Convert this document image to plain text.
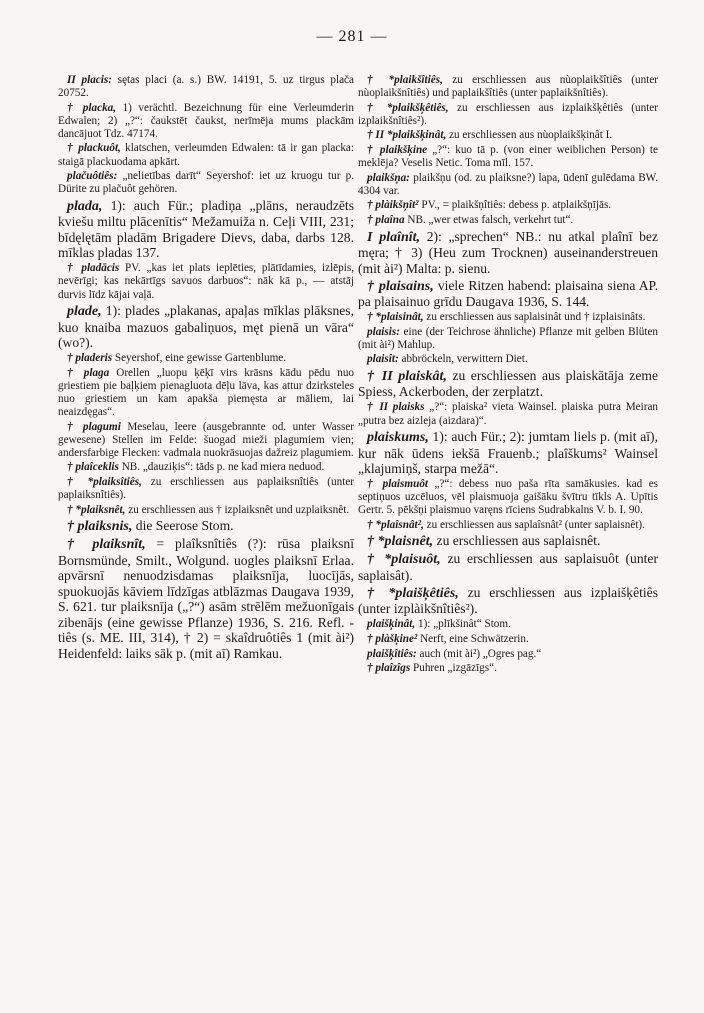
— 281 —

II placis: sȩtas placi (a. s.) BW. 14191, 5. uz tirgus plača 20752.

† placka, 1) verächtl. Bezeichnung für eine Verleumderin Edwalen; 2) „?“: čaukstēt čaukst, nerīmēja mums plackām dancājuot Tdz. 47174.

† plackuôt, klatschen, verleumden Edwalen: tā ir gan placka: staigā plackuodama apkārt.

plačuôtiês: „nelietības darīt“ Seyershof: iet uz kruogu tur p. Dürite zu plačuôt gehören.

plada, 1): auch Für.; pladiņa „plāns, neraudzēts kviešu miltu plācenītis“ Mežamuiža n. Ceļi VIII, 231; bīdęlętām pladām Brigadere Dievs, daba, darbs 128. mīklas pladas 137.

† pladācis PV. „kas iet plats ieplēties, plātīdamies, izlēpis, nevērīgi; kas nekārtīgs savuos darbuos“: nāk kā p., — atstāj durvis līdz kājai vaļā.

plade, 1): plades „plakanas, apaļas mīklas plāksnes, kuo knaiba mazuos gabaliņuos, męt pienā un vāra“ (wo?).

† pladeris Seyershof, eine gewisse Gartenblume.

† plaga Orellen „luopu ķēķī virs krāsns kādu pēdu nuo griestiem pie baļķiem pienagluota dēļu lāva, kas attur dzirksteles nuo griestiem un kam apakša piemęsta ar māliem, lai neaizdęgas“.

† plagumi Meselau, leere (ausgebrannte od. unter Wasser gewesene) Stellen im Felde: šuogad mieži plagumiem vien; andersfarbige Flecken: vadmala nuokrāsuojas dažreiz plagumiem.

† plaîceklis NB. „dauziķis“: tāds p. ne kad miera neduod.

† *plaiksîtiês, zu erschliessen aus paplaiksnîtiês (unter paplaiksnîtiês).

† *plaiksnêt, zu erschliessen aus † izplaiksnêt und uzplaiksnêt.

† plaiksnis, die Seerose Stom.

† plaiksnît, = plaîksnîtiês (?): rūsa plaiksnī Bornsmünde, Smilt., Wolgund. uogles plaiksnī Erlaa. apvārsnī nenuodzisdamas plaiksnīja, luocījās, spuokuojās kāviem līdzīgas atblāzmas Daugava 1939, S. 621. tur plaiksnīja („?“) asām strēlēm mežuonīgais zibenājs (eine gewisse Pflanze) 1936, S. 216. Refl. -tiês (s. ME. III, 314), † 2) = skaîdruôtiês 1 (mit ài²) Heidenfeld: laiks sāk p. (mit aī) Ramkau.

† *plaikšîtiês, zu erschliessen aus nùoplaikšîtiês (unter nùoplaikšnîtiês) und paplaikšîtiês (unter paplaikšnîtiês).

† *plaikšķêtiês, zu erschliessen aus izplaikšķêtiês (unter izplaikšnîtiês²).

† II *plaikšķinât, zu erschliessen aus nùoplaikšķinât I.

† plaikšķine „?“: kuo tā p. (von einer weiblichen Person) te meklēja? Veselis Netic. Toma mīl. 157.

plaikšņa: plaikšņu (od. zu plaiksne?) lapa, ūdenī gulēdama BW. 4304 var.

† plàikšņît² PV., = plaikšņîtiês: debess p. atplaikšņījās.

† plaîna NB. „wer etwas falsch, verkehrt tut“.

I plaînît, 2): „sprechen“ NB.: nu atkal plaînī bez męra; † 3) (Heu zum Trocknen) auseinanderstreuen (mit ài²) Malta: p. sienu.

† plaisains, viele Ritzen habend: plaisaina siena AP. pa plaisainuo grīdu Daugava 1936, S. 144.

† *plaisinât, zu erschliessen aus saplaisinât und † izplaisinâts.

plaisis: eine (der Teichrose ähnliche) Pflanze mit gelben Blüten (mit ài²) Mahlup.

plaisît: abbröckeln, verwittern Diet.

† II plaiskât, zu erschliessen aus plaiskātāja zeme Spiess, Ackerboden, der zerplatzt.

† II plaisks „?“: plaiska² vieta Wainsel. plaiska putra Meiran „putra bez aizleja (aizdara)“.

plaiskums, 1): auch Für.; 2): jumtam liels p. (mit aī), kur nāk ūdens iekšā Frauenb.; plaîškums² Wainsel „klajumiņš, starpa mežā“.

† plaismuôt „?“: debess nuo paša rīta samākusies. kad es septiņuos uzcēluos, vēl plaismuoja gaišāku švītru tīkls A. Upītis Gertr. 5. pēkšņi plaismuo varęns rīciens Sudrabkalns V. b. I. 90.

† *plaîsnât², zu erschliessen aus saplaîsnât² (unter saplaisnêt).

† *plaisnêt, zu erschliessen aus saplaisnêt.

† *plaisuôt, zu erschliessen aus saplaisuôt (unter saplaisât).

† *plaišķêtiês, zu erschliessen aus izplaišķêtiês (unter izplàikšnîtiês²).

plaišķinât, 1): „plīkšinât“ Stom.

† plàšķine² Nerft, eine Schwätzerin.

plaišķîtiês: auch (mit ài²) „Ogres pag.“

† plaîzîgs Puhren „izgāzīgs“.
